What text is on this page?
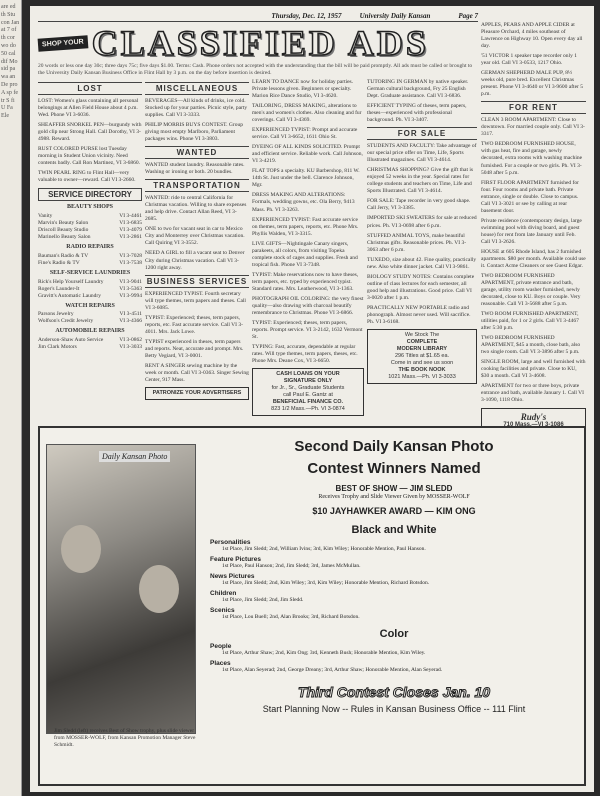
are ed th Stu con Jan at 7 of th cor wo do 50 cal dif Mo sid pa wa an De pro A sp fe tr S fi U Fa Ele
Thursday, Dec. 12, 1957	University Daily Kansan	Page 7
SHOP YOUR CLASSIFIED ADS
20 words or less one day 30c; three days 75c; five days $1.00. Terms: Cash. Phone orders not accepted with the understanding that the bill will be paid promptly. All ads must be called or brought to the University Daily Kansan Business Office in Flint Hall by 3 p.m. on the day before insertion is desired.
LOST

LOST: Women's glass containing all personal belongings at Allen Field House about 4 p.m. Wed. Phone VI 3-6036.

SHEAFFER SNORKEL PEN—burgundy with gold clip near Strong Hall. Call Dorothy, VI 3-4988. Reward.

RUST COLORED PURSE lost Tuesday morning in Student Union vicinity. Need contents badly. Call Ron Martinez, VI 3-6860.

TWIN PEARL RING to Flint Hall—very valuable to owner—reward. Call VI 3-2660.

SERVICE DIRECTORY
BEAUTY SHOPS
Vanity	VI 3-4461
Marvin's Beauty Salon	VI 3-6835
Driscoll Beauty Studio	VI 3-4079
Marinello Beauty Salon	VI 3-2861
RADIO REPAIRS
Bauman's Radio & TV	VI 3-7028
Fine's Radio & TV	VI 3-7538
SELF-SERVICE LAUNDRIES
Rick's Help Yourself Laundry	VI 3-9041
Roger's Launder-It	VI 3-5363
Gravitt's Automatic Laundry	VI 3-9994
WATCH REPAIRS
Parsons Jewelry	VI 3-4511
Wolfson's Credit Jewelry	VI 3-4366
AUTOMOBILE REPAIRS
Anderson-Shaw Auto Service	VI 3-0862
Jim Clark Motors	VI 3-3033
MISCELLANEOUS

BEVERAGES—All kinds of drinks, ice cold. Stocked up for your parties. Picnic style, party supplies. Call VI 3-3333.

PHILIP MORRIS BUYS CONTEST. Group giving most empty Marlboro, Parliament packages wins. Phone VI 3-3803.

WANTED

WANTED student laundry. Reasonable rates. Washing or ironing or both. 20 bundles.

TRANSPORTATION

WANTED: ride to central California for Christmas vacation. Willing to share expenses and help drive. Contact Allan Reed, VI 3-2685.

ONE to two for vacant seat in car to Mexico City and Monterrey over Christmas vacation. Call Quiring VI 3-3552.

NEED A GIRL to fill a vacant seat to Denver City during Christmas vacation. Call VI 3-1200 right away.

BUSINESS SERVICES

EXPERIENCED TYPIST. Fourth secretary will type themes, term papers and theses. Call VI 3-6085.

TYPIST: Experienced; theses, term papers, reports, etc. Fast accurate service. Call VI 3-4011. Mrs. Jack Lowe.

TYPIST experienced in theses, term papers and reports. Neat, accurate and prompt. Mrs. Betty Vegiard, VI 3-0001.

RENT A SINGER sewing machine by the week or month. Call VI 3-0363. Singer Sewing Center, 917 Mass.

PATRONIZE YOUR ADVERTISERS

LEARN TO DANCE now for holiday parties. Private lessons given. Beginners or specialty. Marion Rice Dance Studio, VI 3-4620.

TAILORING, DRESS MAKING, alterations to men's and women's clothes. Also cleaning and fur coverings. Call VI 3-4369.

EXPERIENCED TYPIST: Prompt and accurate service. Call VI 3-6652, 1611 Ohio St.

DYEING OF ALL KINDS SOLICITED. Prompt and efficient service. Reliable work. Call Johnson, VI 3-4219.

FLAT TOPS a specialty. KU Barbershop, 811 W. 14th St. Just under the bell. Clarence Johnson, Mgr.

DRESS MAKING AND ALTERATIONS: Formals, wedding gowns, etc. Ola Berry, 9413 Mass. Ph. VI 3-3263.

EXPERIENCED TYPIST: Fast accurate service on themes, term papers, reports, etc. Phone Mrs. Phyllis Walden, VI 3-3315.

LIVE GIFTS—Nightingale Canary singers, parakeets, all colors, from visiting Topeka complete stock of cages and supplies. Fresh and tropical fish. Phone VI 3-7348.

TYPIST: Make reservations now to have theses, term papers, etc. typed by experienced typist. Standard rates. Mrs. Leatherwood, VI 3-1363.

PHOTOGRAPH OIL COLORING: the very finest quality—also drawing with charcoal beautify remembrance to Christmas. Phone VI 3-6866.

TYPIST: Experienced; theses, term papers, reports. Prompt service. VI 3-2142, 1632 Vermont St.

TYPING: Fast, accurate, dependable at regular rates. Will type themes, term papers, theses, etc. Phone Mrs. Deane Cox, VI 3-6650.

CASH LOANS ON YOUR
SIGNATURE ONLY
for Jr., Sr., Graduate Students
call Paul E. Gantz at
BENEFICIAL FINANCE CO.
823 1/2 Mass.—Ph. VI 3-0874

TUTORING IN GERMAN by native speaker. German cultural background, Fry 25 English Dept. Graduate assistance. Call VI 3-6836.

EFFICIENT TYPING of theses, term papers, theses—experienced with professional background. Ph. VI 3-3407.

FOR SALE

STUDENTS AND FACULTY: Take advantage of our special price offer on Time, Life, Sports Illustrated magazines. Call VI 3-4614.

CHRISTMAS SHOPPING? Give the gift that is enjoyed 52 weeks in the year. Special rates for college students and teachers on Time, Life and Sports Illustrated. Call VI 3-4614.

FOR SALE: Tape recorder in very good shape. Call Jerry, VI 3-3385.

IMPORTED SKI SWEATERS for sale at reduced prices. Ph. VI 3-0698 after 6 p.m.

STUFFED ANIMAL TOYS, make beautiful Christmas gifts. Reasonable prices. Ph. VI 3-3063 after 6 p.m.

TUXEDO, size about 42. Fine quality, practically new. Also white dinner jacket. Call VI 3-9861.

BIOLOGY STUDY NOTES: Contains complete outline of class lectures for each semester, all good help and illustrations. Good price. Call VI 3-0020 after 1 p.m.

PRACTICALLY NEW PORTABLE radio and phonograph. Almost never used. Will sacrifice. Ph. VI 3-6168.

We Stock The
COMPLETE
MODERN LIBRARY
296 Titles at $1.65 ea.
Come in and see us soon
THE BOOK NOOK
1021 Mass.—Ph. VI 3-3033

APPLES, PEARS AND APPLE CIDER at Pleasure Orchard, 4 miles southeast of Lawrence on Highway 10. Open every day all day.

'51 VICTOR 1 speaker tape recorder only 1 year old. Call VI 3-0533, 1217 Ohio.

GERMAN SHEPHERD MALE PUP, 8½ weeks old, pure bred. Excellent Christmas present. Phone VI 3-4640 or VI 3-9600 after 5 p.m.

FOR RENT

CLEAN 3 ROOM APARTMENT: Close to downtown. For married couple only. Call VI 3-3317.

TWO BEDROOM FURNISHED HOUSE, with gas heat, fire and garage, newly decorated, extra rooms with washing machine furnished. For a couple or two girls. Ph. VI 3-5048 after 5 p.m.

FIRST FLOOR APARTMENT furnished for four. Four rooms and private bath. Private entrance, single or double. Close to campus. Call VI 3-3021 or see by calling at rear basement door.

Private residence (contemporary design, large swimming pool with diving board, and guest house) for rent from late January until Feb. Call VI 3-2626.

HOUSE at 605 Rhode Island, has 2 furnished apartments. $80 per month. Available could use it. Contact Acme Cleaners or see Guest Edgar.

TWO BEDROOM FURNISHED APARTMENT, private entrance and bath, garage, utility room washer furnished, newly decorated, close to KU. Boys or couple. Very reasonable. Call VI 3-5688 after 5 p.m.

TWO ROOM FURNISHED APARTMENT, utilities paid, for 1 or 2 girls. Call VI 3-4467 after 5:30 p.m.

TWO BEDROOM FURNISHED APARTMENT, $45 a month, close bath, also two single room. Call VI 3-3896 after 5 p.m.

SINGLE ROOM, large and well furnished with cooking facilities and private. Close to KU, $30 a month. Call VI 3-4608.

APARTMENT for two or three boys, private entrance and bath, available January 1. Call VI 3-1090, 1118 Ohio.

Rudy's
Daily Kansan Photo
Jim Sledd (left) receives Best of Show trophy, plus slide viewer from MOSSER-WOLF, from Kansan Promotion Manager Steve Schmidt.
Second Daily Kansan Photo
Contest Winners Named
BEST OF SHOW — JIM SLEDD
Receives Trophy and Slide Viewer Given by MOSSER-WOLF
$10 JAYHAWKER AWARD — KIM ONG
Black and White
Personalities
1st Place, Jim Sledd; 2nd, William Ivins; 3rd, Kim Wiley; Honorable Mention, Paul Hanson.
Feature Pictures
1st Place, Paul Hanson; 2nd, Jim Sledd; 3rd, James McMullan.
News Pictures
1st Place, Jim Sledd; 2nd, Kim Wiley; 3rd, Kim Wiley; Honorable Mention, Richard Botsdon.
Children
1st Place, Jim Sledd; 2nd, Jim Sledd.
Scenics
1st Place, Lou Buell; 2nd, Alan Brooks; 3rd, Richard Botsdon.
Color
People
1st Place, Arthur Shaw; 2nd, Kim Ong; 3rd, Kenneth Bush; Honorable Mention, Kim Wiley.
Places
1st Place, Alan Seyerad; 2nd, George Dreany; 3rd, Arthur Shaw; Honorable Mention, Alan Seyerad.
Third Contest Closes Jan. 10
Start Planning Now -- Rules in Kansan Business Office -- 111 Flint
